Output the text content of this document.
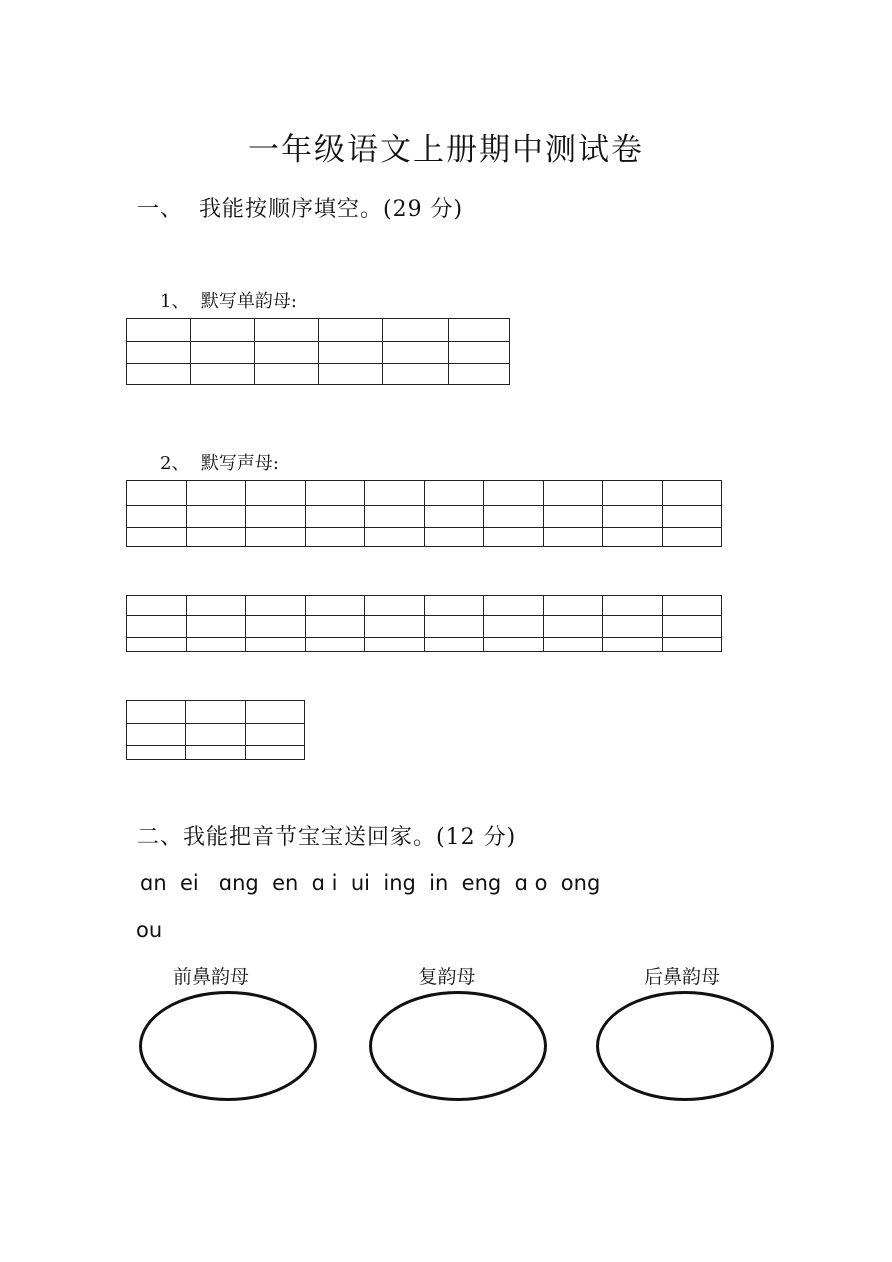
一年级语文上册期中测试卷
一、  我能按顺序填空。(29 分)
1、  默写单韵母:

2、  默写声母:

二、我能把音节宝宝送回家。(12 分)
ɑn  ei   ɑng  en  ɑ i  ui  ing  in  eng  ɑ o  ong
ou
前鼻韵母	复韵母	后鼻韵母
